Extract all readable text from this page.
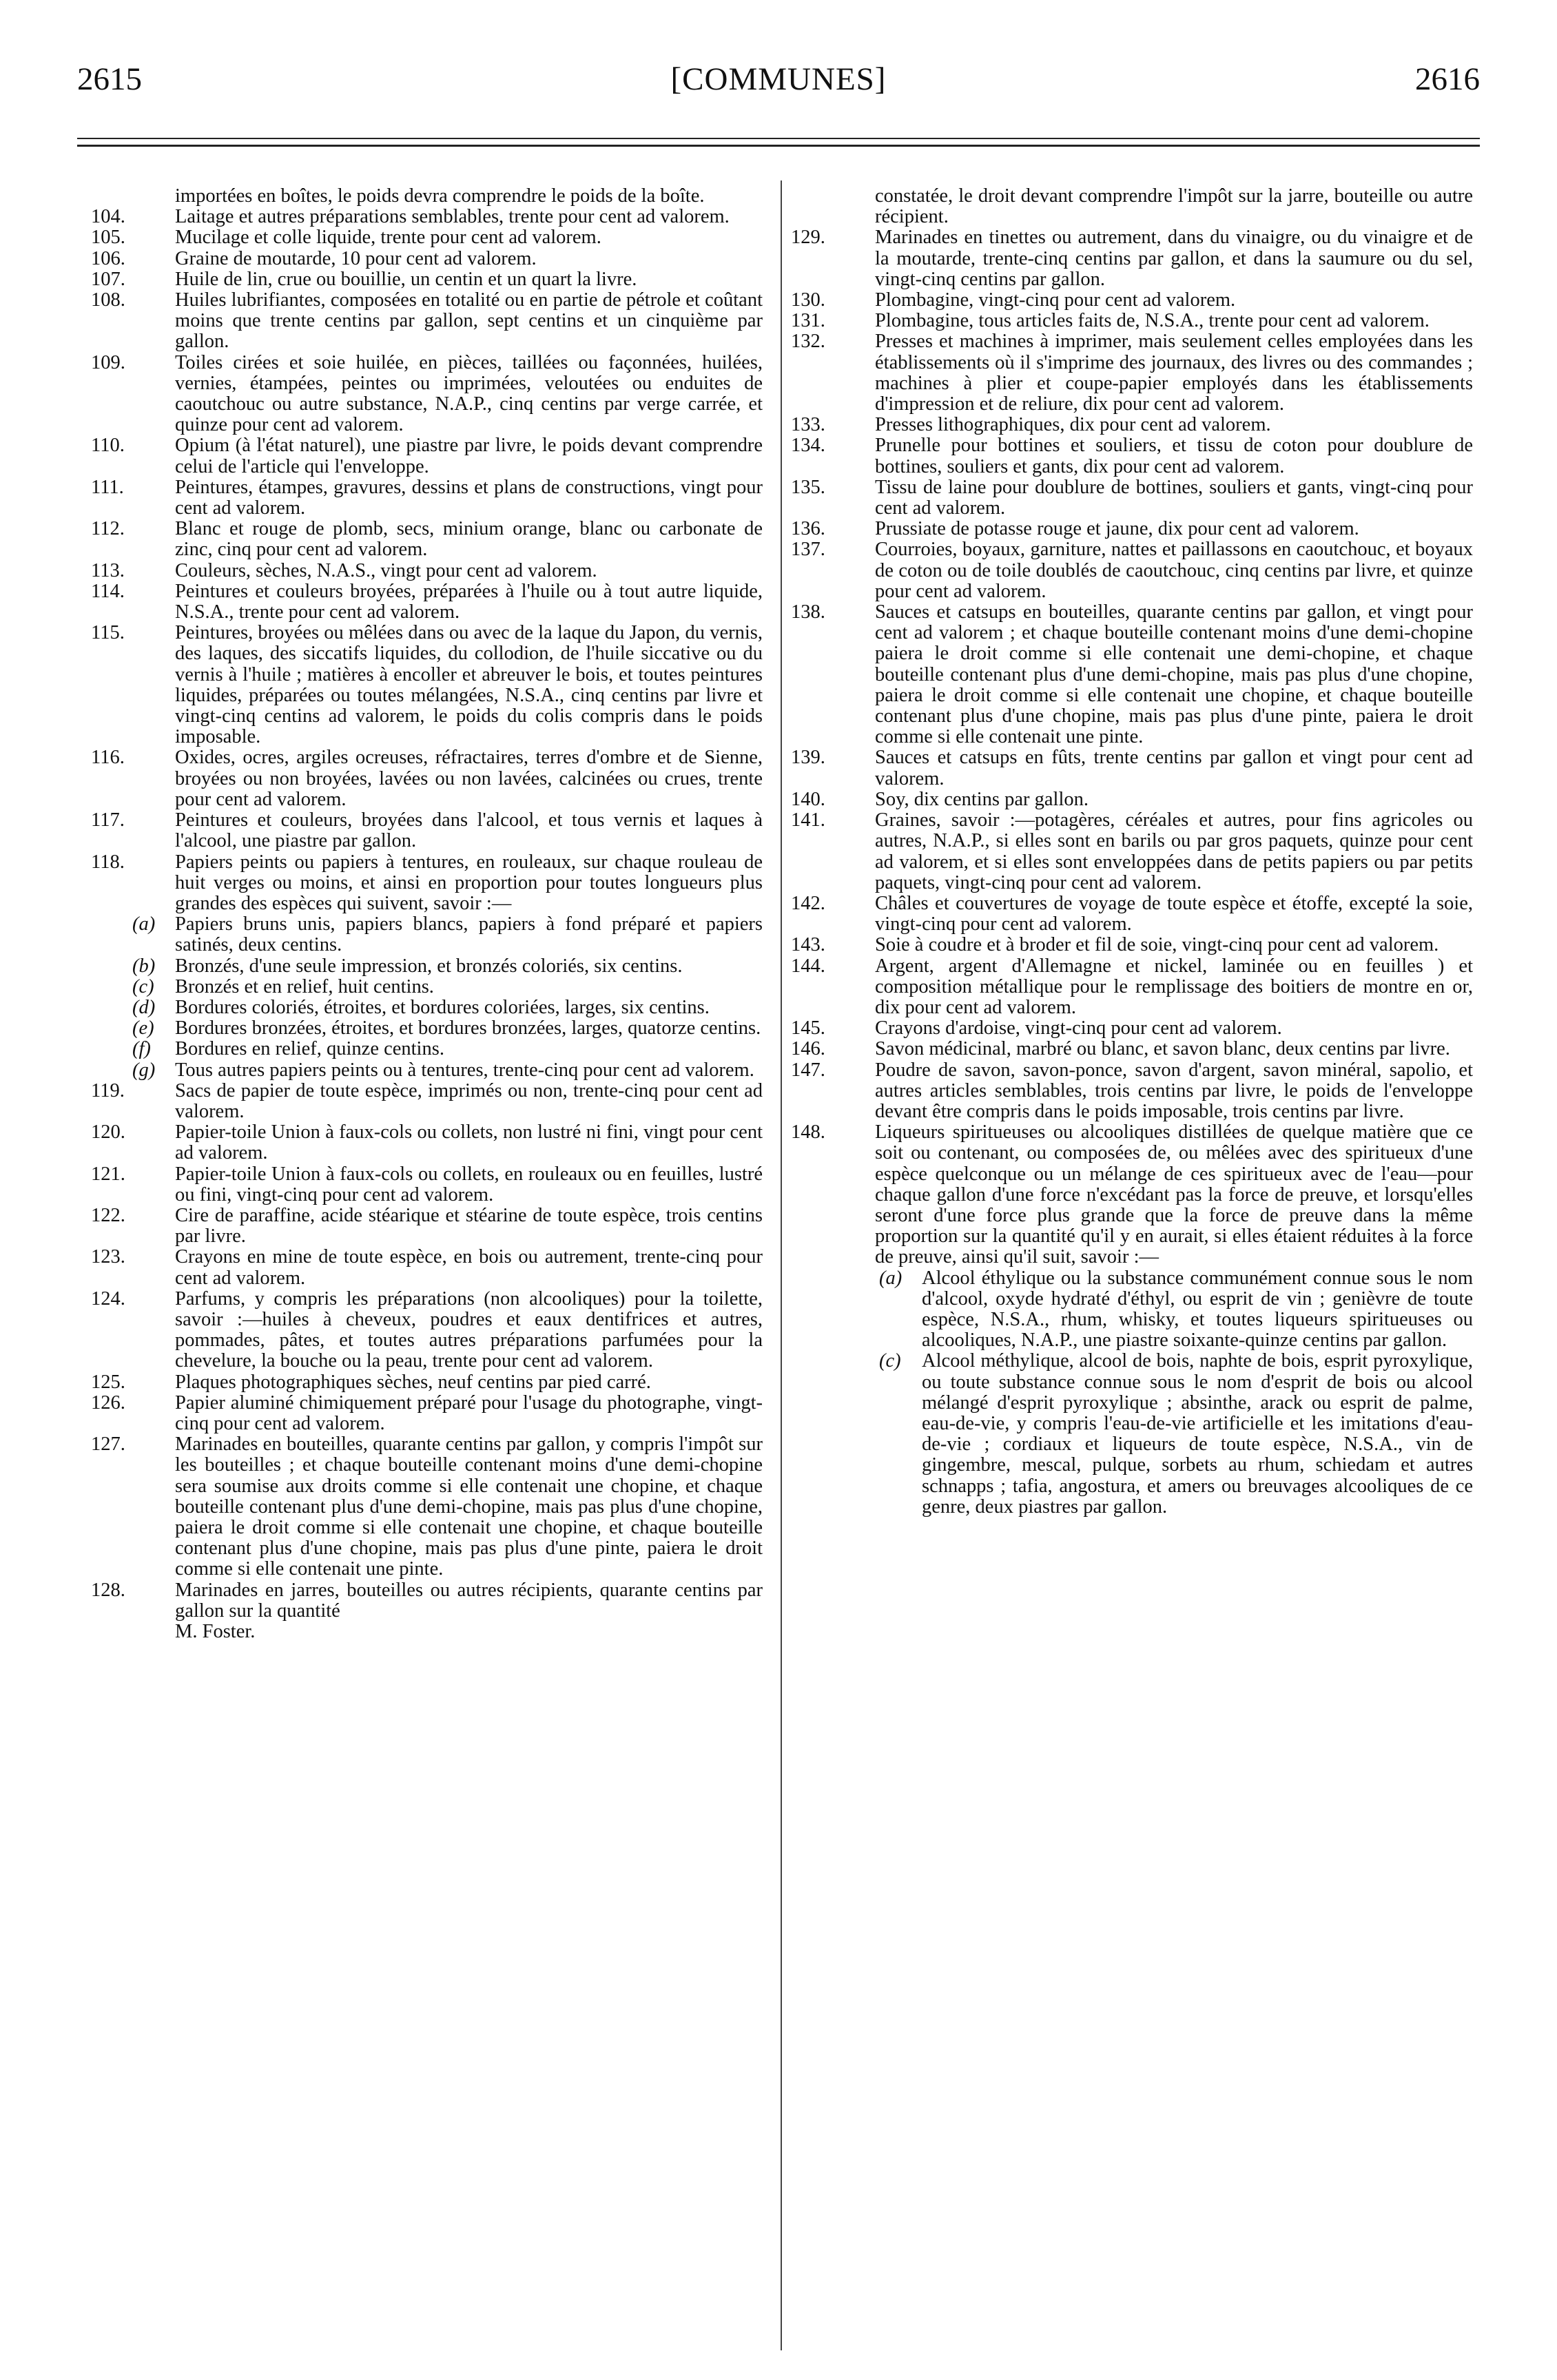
2615	[COMMUNES]	2616
importées en boîtes, le poids devra comprendre le poids de la boîte.
104.	Laitage et autres préparations semblables, trente pour cent ad valorem.
105.	Mucilage et colle liquide, trente pour cent ad valorem.
106.	Graine de moutarde, 10 pour cent ad valorem.
107.	Huile de lin, crue ou bouillie, un centin et un quart la livre.
108.	Huiles lubrifiantes, composées en totalité ou en partie de pétrole et coûtant moins que trente centins par gallon, sept centins et un cinquième par gallon.
109.	Toiles cirées et soie huilée, en pièces, taillées ou façonnées, huilées, vernies, étampées, peintes ou imprimées, veloutées ou enduites de caoutchouc ou autre substance, N.A.P., cinq centins par verge carrée, et quinze pour cent ad valorem.
110.	Opium (à l'état naturel), une piastre par livre, le poids devant comprendre celui de l'article qui l'enveloppe.
111.	Peintures, étampes, gravures, dessins et plans de constructions, vingt pour cent ad valorem.
112.	Blanc et rouge de plomb, secs, minium orange, blanc ou carbonate de zinc, cinq pour cent ad valorem.
113.	Couleurs, sèches, N.A.S., vingt pour cent ad valorem.
114.	Peintures et couleurs broyées, préparées à l'huile ou à tout autre liquide, N.S.A., trente pour cent ad valorem.
115.	Peintures, broyées ou mêlées dans ou avec de la laque du Japon, du vernis, des laques, des siccatifs liquides, du collodion, de l'huile siccative ou du vernis à l'huile ; matières à encoller et abreuver le bois, et toutes peintures liquides, préparées ou toutes mélangées, N.S.A., cinq centins par livre et vingt-cinq centins ad valorem, le poids du colis compris dans le poids imposable.
116.	Oxides, ocres, argiles ocreuses, réfractaires, terres d'ombre et de Sienne, broyées ou non broyées, lavées ou non lavées, calcinées ou crues, trente pour cent ad valorem.
117.	Peintures et couleurs, broyées dans l'alcool, et tous vernis et laques à l'alcool, une piastre par gallon.
118.	Papiers peints ou papiers à tentures, en rouleaux, sur chaque rouleau de huit verges ou moins, et ainsi en proportion pour toutes longueurs plus grandes des espèces qui suivent, savoir :—
(a) Papiers bruns unis, papiers blancs, papiers à fond préparé et papiers satinés, deux centins.
(b) Bronzés, d'une seule impression, et bronzés coloriés, six centins.
(c) Bronzés et en relief, huit centins.
(d) Bordures coloriés, étroites, et bordures coloriées, larges, six centins.
(e) Bordures bronzées, étroites, et bordures bronzées, larges, quatorze centins.
(f) Bordures en relief, quinze centins.
(g) Tous autres papiers peints ou à tentures, trente-cinq pour cent ad valorem.
119.	Sacs de papier de toute espèce, imprimés ou non, trente-cinq pour cent ad valorem.
120.	Papier-toile Union à faux-cols ou collets, non lustré ni fini, vingt pour cent ad valorem.
121.	Papier-toile Union à faux-cols ou collets, en rouleaux ou en feuilles, lustré ou fini, vingt-cinq pour cent ad valorem.
122.	Cire de paraffine, acide stéarique et stéarine de toute espèce, trois centins par livre.
123.	Crayons en mine de toute espèce, en bois ou autrement, trente-cinq pour cent ad valorem.
124.	Parfums, y compris les préparations (non alcooliques) pour la toilette, savoir :—huiles à cheveux, poudres et eaux dentifrices et autres, pommades, pâtes, et toutes autres préparations parfumées pour la chevelure, la bouche ou la peau, trente pour cent ad valorem.
125.	Plaques photographiques sèches, neuf centins par pied carré.
126.	Papier aluminé chimiquement préparé pour l'usage du photographe, vingt-cinq pour cent ad valorem.
127.	Marinades en bouteilles, quarante centins par gallon, y compris l'impôt sur les bouteilles ; et chaque bouteille contenant moins d'une demi-chopine sera soumise aux droits comme si elle contenait une chopine, et chaque bouteille contenant plus d'une demi-chopine, mais pas plus d'une chopine, paiera le droit comme si elle contenait une chopine, et chaque bouteille contenant plus d'une chopine, mais pas plus d'une pinte, paiera le droit comme si elle contenait une pinte.
128.	Marinades en jarres, bouteilles ou autres récipients, quarante centins par gallon sur la quantité
M. Foster.
constatée, le droit devant comprendre l'impôt sur la jarre, bouteille ou autre récipient.
129.	Marinades en tinettes ou autrement, dans du vinaigre, ou du vinaigre et de la moutarde, trente-cinq centins par gallon, et dans la saumure ou du sel, vingt-cinq centins par gallon.
130.	Plombagine, vingt-cinq pour cent ad valorem.
131.	Plombagine, tous articles faits de, N.S.A., trente pour cent ad valorem.
132.	Presses et machines à imprimer, mais seulement celles employées dans les établissements où il s'imprime des journaux, des livres ou des commandes ; machines à plier et coupe-papier employés dans les établissements d'impression et de reliure, dix pour cent ad valorem.
133.	Presses lithographiques, dix pour cent ad valorem.
134.	Prunelle pour bottines et souliers, et tissu de coton pour doublure de bottines, souliers et gants, dix pour cent ad valorem.
135.	Tissu de laine pour doublure de bottines, souliers et gants, vingt-cinq pour cent ad valorem.
136.	Prussiate de potasse rouge et jaune, dix pour cent ad valorem.
137.	Courroies, boyaux, garniture, nattes et paillassons en caoutchouc, et boyaux de coton ou de toile doublés de caoutchouc, cinq centins par livre, et quinze pour cent ad valorem.
138.	Sauces et catsups en bouteilles, quarante centins par gallon, et vingt pour cent ad valorem ; et chaque bouteille contenant moins d'une demi-chopine paiera le droit comme si elle contenait une demi-chopine, et chaque bouteille contenant plus d'une demi-chopine, mais pas plus d'une chopine, paiera le droit comme si elle contenait une chopine, et chaque bouteille contenant plus d'une chopine, mais pas plus d'une pinte, paiera le droit comme si elle contenait une pinte.
139.	Sauces et catsups en fûts, trente centins par gallon et vingt pour cent ad valorem.
140.	Soy, dix centins par gallon.
141.	Graines, savoir :—potagères, céréales et autres, pour fins agricoles ou autres, N.A.P., si elles sont en barils ou par gros paquets, quinze pour cent ad valorem, et si elles sont enveloppées dans de petits papiers ou par petits paquets, vingt-cinq pour cent ad valorem.
142.	Châles et couvertures de voyage de toute espèce et étoffe, excepté la soie, vingt-cinq pour cent ad valorem.
143.	Soie à coudre et à broder et fil de soie, vingt-cinq pour cent ad valorem.
144.	Argent, argent d'Allemagne et nickel, laminée ou en feuilles ) et composition métallique pour le remplissage des boitiers de montre en or, dix pour cent ad valorem.
145.	Crayons d'ardoise, vingt-cinq pour cent ad valorem.
146.	Savon médicinal, marbré ou blanc, et savon blanc, deux centins par livre.
147.	Poudre de savon, savon-ponce, savon d'argent, savon minéral, sapolio, et autres articles semblables, trois centins par livre, le poids de l'enveloppe devant être compris dans le poids imposable, trois centins par livre.
148.	Liqueurs spiritueuses ou alcooliques distillées de quelque matière que ce soit ou contenant, ou composées de, ou mêlées avec des spiritueux d'une espèce quelconque ou un mélange de ces spiritueux avec de l'eau—pour chaque gallon d'une force n'excédant pas la force de preuve, et lorsqu'elles seront d'une force plus grande que la force de preuve dans la même proportion sur la quantité qu'il y en aurait, si elles étaient réduites à la force de preuve, ainsi qu'il suit, savoir :—
(a) Alcool éthylique ou la substance communément connue sous le nom d'alcool, oxyde hydraté d'éthyl, ou esprit de vin ; genièvre de toute espèce, N.S.A., rhum, whisky, et toutes liqueurs spiritueuses ou alcooliques, N.A.P., une piastre soixante-quinze centins par gallon.
(c) Alcool méthylique, alcool de bois, naphte de bois, esprit pyroxylique, ou toute substance connue sous le nom d'esprit de bois ou alcool mélangé d'esprit pyroxylique ; absinthe, arack ou esprit de palme, eau-de-vie, y compris l'eau-de-vie artificielle et les imitations d'eau-de-vie ; cordiaux et liqueurs de toute espèce, N.S.A., vin de gingembre, mescal, pulque, sorbets au rhum, schiedam et autres schnapps ; tafia, angostura, et amers ou breuvages alcooliques de ce genre, deux piastres par gallon.
